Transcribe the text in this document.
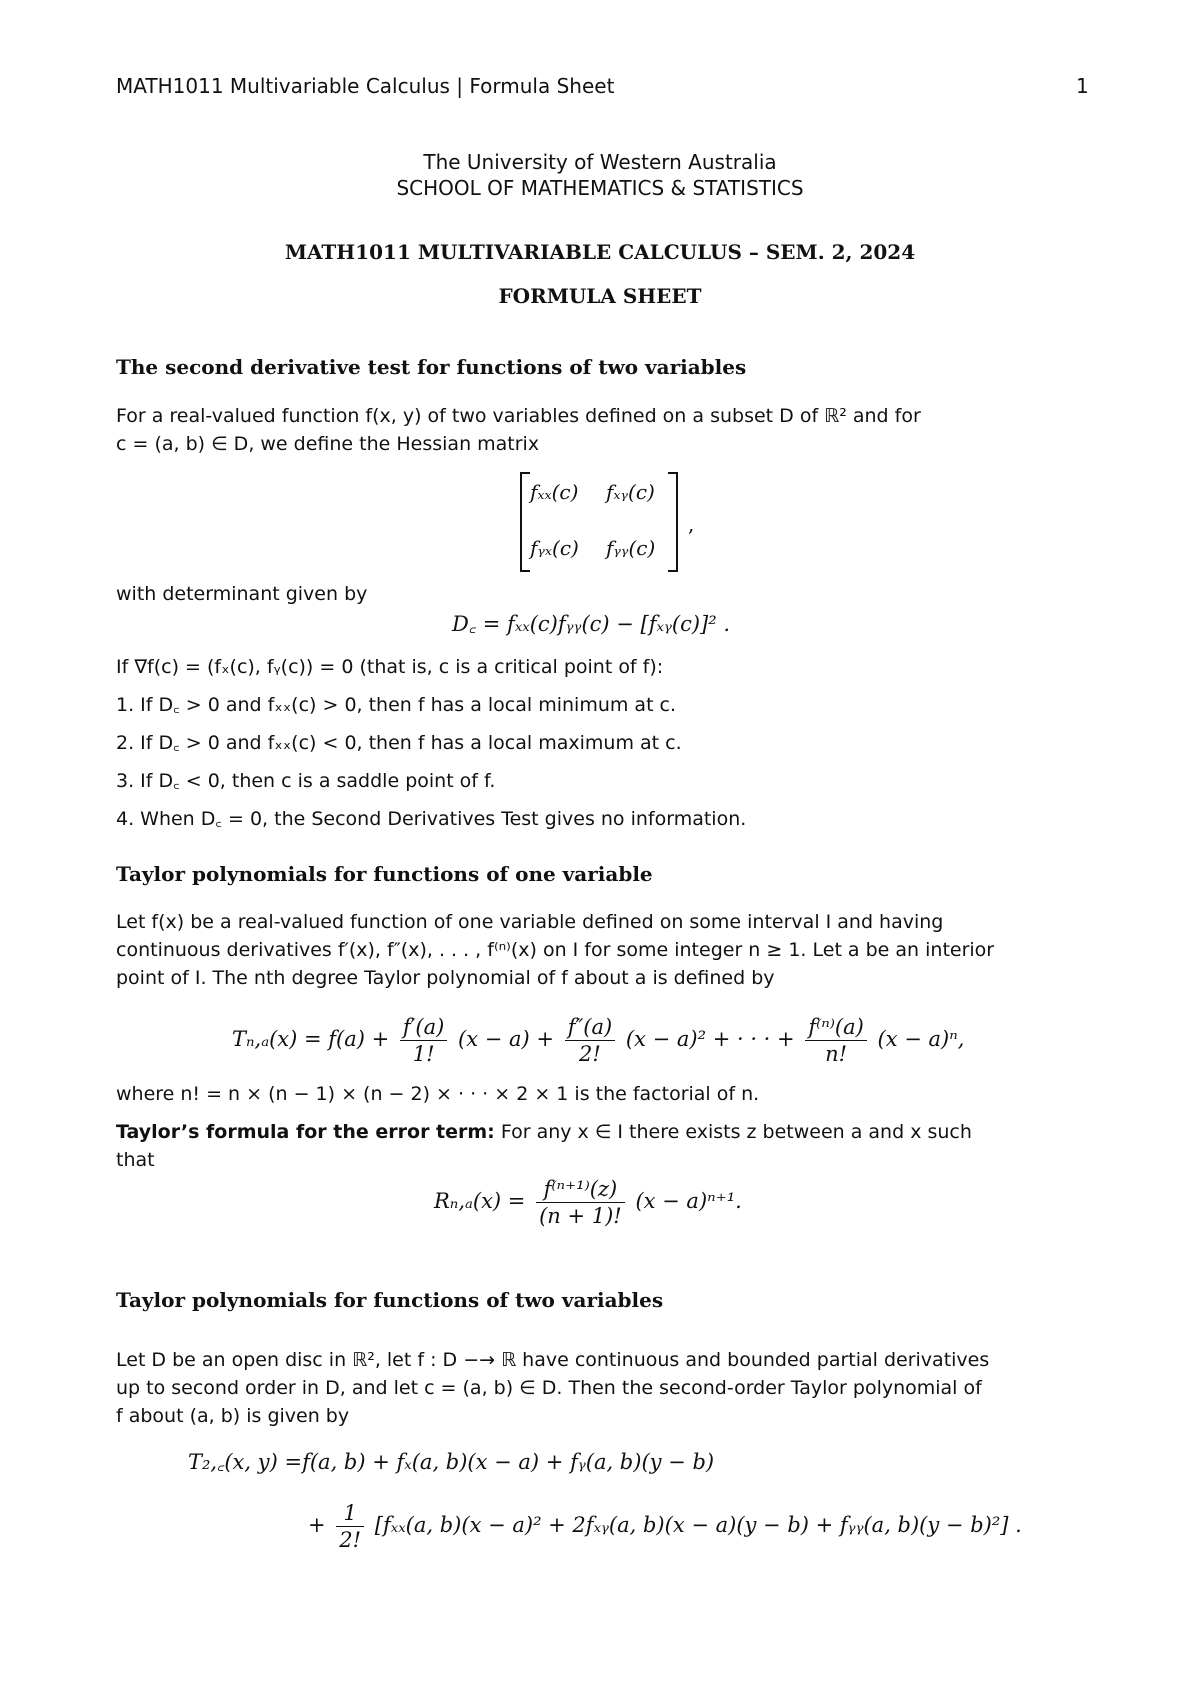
MATH1011 Multivariable Calculus | Formula Sheet	1
The University of Western Australia
SCHOOL OF MATHEMATICS & STATISTICS
MATH1011 MULTIVARIABLE CALCULUS – SEM. 2, 2024
FORMULA SHEET
The second derivative test for functions of two variables
For a real-valued function f(x, y) of two variables defined on a subset D of ℝ² and for
c = (a, b) ∈ D, we define the Hessian matrix
fₓₓ(c) fₓᵧ(c)
fᵧₓ(c) fᵧᵧ(c)
,
with determinant given by
D꜀ = fₓₓ(c)fᵧᵧ(c) − [fₓᵧ(c)]² .
If ∇f(c) = (fₓ(c), fᵧ(c)) = 0 (that is, c is a critical point of f):
1. If D꜀ > 0 and fₓₓ(c) > 0, then f has a local minimum at c.
2. If D꜀ > 0 and fₓₓ(c) < 0, then f has a local maximum at c.
3. If D꜀ < 0, then c is a saddle point of f.
4. When D꜀ = 0, the Second Derivatives Test gives no information.
Taylor polynomials for functions of one variable
Let f(x) be a real-valued function of one variable defined on some interval I and having
continuous derivatives f′(x), f″(x), . . . , f⁽ⁿ⁾(x) on I for some integer n ≥ 1. Let a be an interior
point of I. The nth degree Taylor polynomial of f about a is defined by
$T_n,_a(x) = f(a) + \frac{f'(a)}{1!} (x - a) + \frac{f''(a)}{2!} (x - a)^2$ + · · · + $\frac{\text{f⁽ⁿ⁾(a)}}{n!} (x - a)^n$,
where n! = n × (n − 1) × (n − 2) × · · · × 2 × 1 is the factorial of n.
Taylor’s formula for the error term: For any x ∈ I there exists z between a and x such
that
$R_n,_a(x) = \frac{\text{f⁽ⁿ⁺¹⁾(z)}}{(n + 1)!} (x - a)^{n+1}$.
Taylor polynomials for functions of two variables
Let D be an open disc in ℝ², let f : D −→ ℝ have continuous and bounded partial derivatives
up to second order in D, and let c = (a, b) ∈ D. Then the second-order Taylor polynomial of
f about (a, b) is given by
T₂,꜀(x, y) =f(a, b) + fₓ(a, b)(x − a) + fᵧ(a, b)(y − b)
+ $\frac{1}{2!} [f_{xx}(a$, b)(x − a)² + 2fₓᵧ(a, b)(x − a)(y − b) + fᵧᵧ(a, b)(y − b)²] .
